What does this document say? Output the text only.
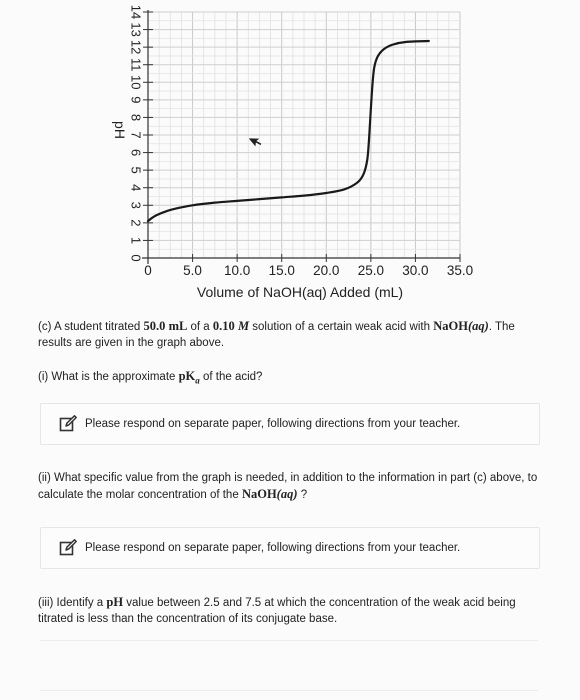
0
1
2
3
4
5
6
7
8
9
10
11
12
13
14
0 5.0 10.0 15.0 20.0 25.0 30.0 35.0
pH
Volume of NaOH(aq) Added (mL)
(c) A student titrated 50.0 mL of a 0.10 M solution of a certain weak acid with NaOH(aq). The results are given in the graph above.
(i) What is the approximate $pK_a$ of the acid?
Please respond on separate paper, following directions from your teacher.
(ii) What specific value from the graph is needed, in addition to the information in part (c) above, to calculate the molar concentration of the NaOH(aq) ?
Please respond on separate paper, following directions from your teacher.
(iii) Identify a pH value between 2.5 and 7.5 at which the concentration of the weak acid being titrated is less than the concentration of its conjugate base.
